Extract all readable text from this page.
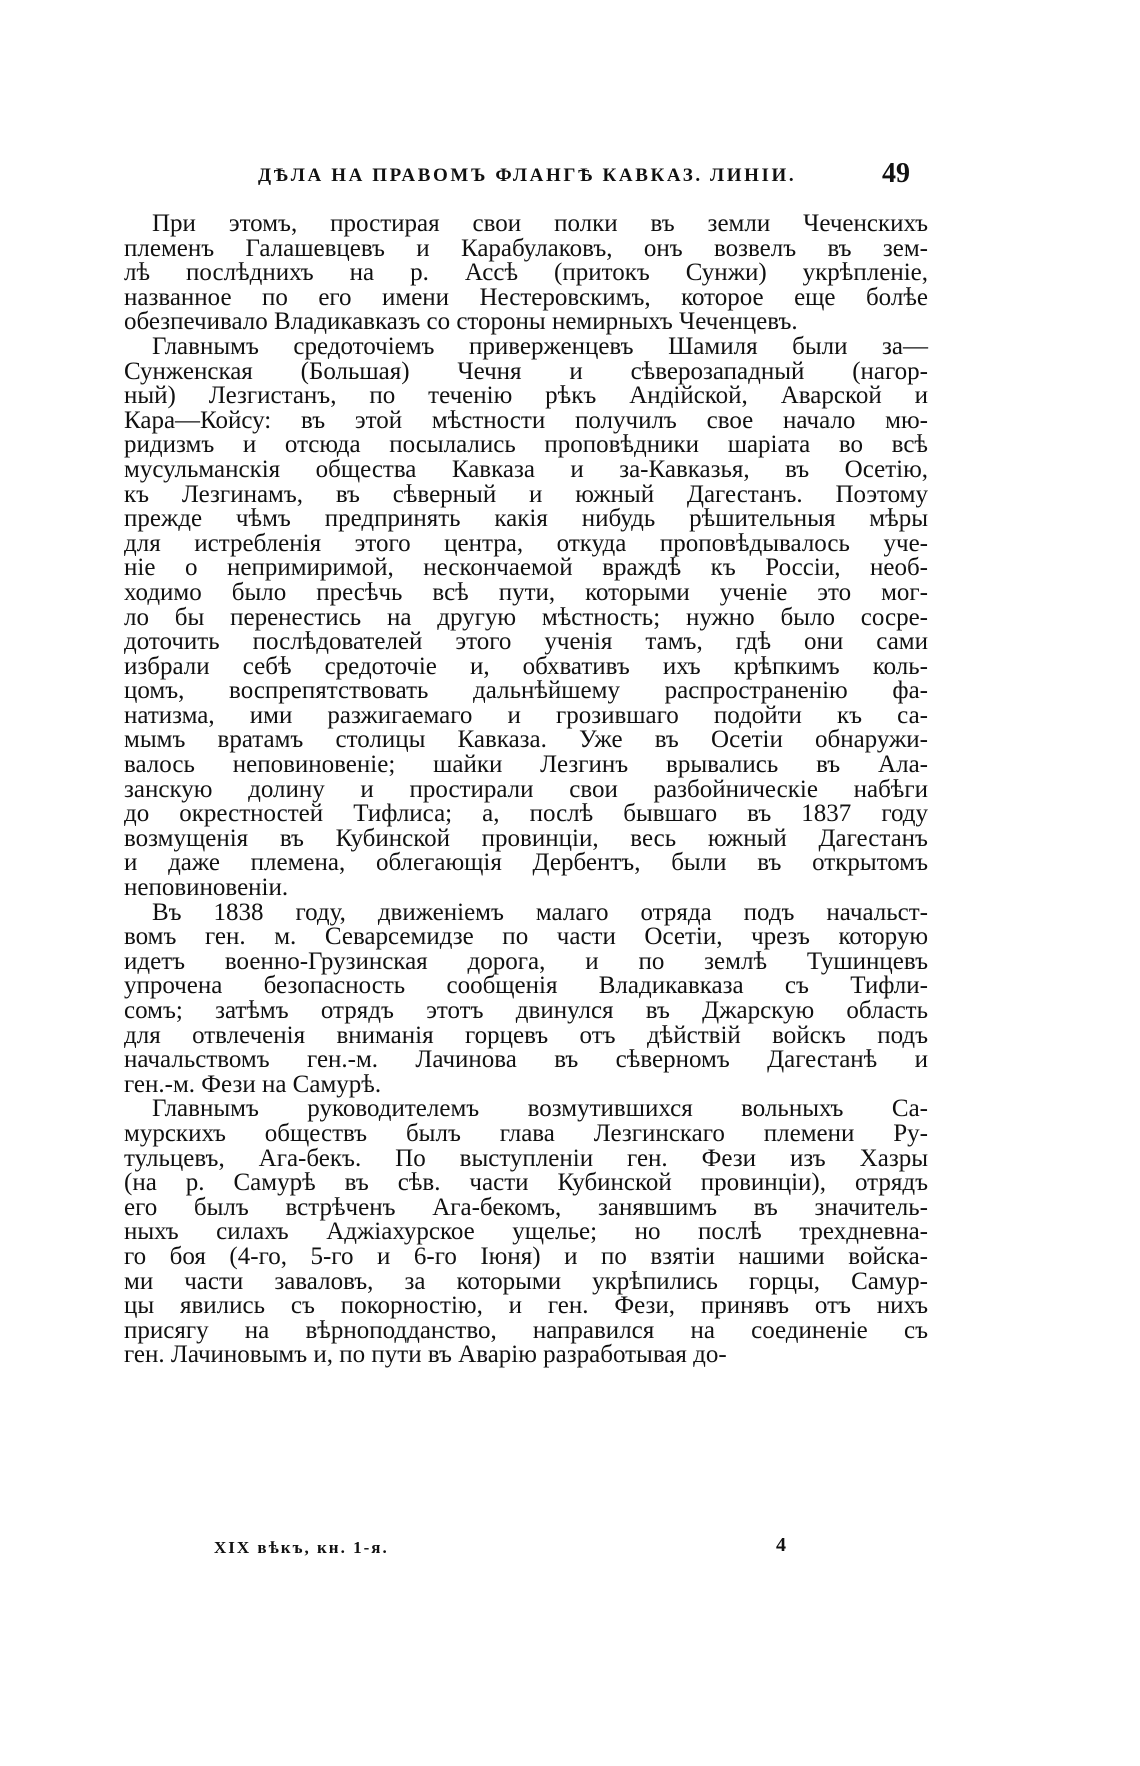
ДѢЛА НА ПРАВОМЪ ФЛАНГѢ КАВКАЗ. ЛИНIИ.	49
При этомъ, простирая свои полки въ земли Чеченскихъ
племенъ Галашевцевъ и Карабулаковъ, онъ возвелъ въ зем-
лѣ послѣднихъ на р. Ассѣ (притокъ Сунжи) укрѣпленiе,
названное по его имени Нестеровскимъ, которое еще болѣе
обезпечивало Владикавказъ со стороны немирныхъ Чеченцевъ.
Главнымъ средоточiемъ приверженцевъ Шамиля были за—
Сунженская (Большая) Чечня и сѣверозападный (нагор-
ный) Лезгистанъ, по теченiю рѣкъ Андiйской, Аварской и
Кара—Койсу: въ этой мѣстности получилъ свое начало мю-
ридизмъ и отсюда посылались проповѣдники шарiата во всѣ
мусульманскiя общества Кавказа и за-Кавказья, въ Осетiю,
къ Лезгинамъ, въ сѣверный и южный Дагестанъ. Поэтому
прежде чѣмъ предпринять какiя нибудь рѣшительныя мѣры
для истребленiя этого центра, откуда проповѣдывалось уче-
нiе о непримиримой, нескончаемой враждѣ къ Россiи, необ-
ходимо было пресѣчь всѣ пути, которыми ученiе это мог-
ло бы перенестись на другую мѣстность; нужно было сосре-
доточить послѣдователей этого ученiя тамъ, гдѣ они сами
избрали себѣ средоточiе и, обхвативъ ихъ крѣпкимъ коль-
цомъ, воспрепятствовать дальнѣйшему распространенiю фа-
натизма, ими разжигаемаго и грозившаго подойти къ са-
мымъ вратамъ столицы Кавказа. Уже въ Осетiи обнаружи-
валось неповиновенiе; шайки Лезгинъ врывались въ Ала-
занскую долину и простирали свои разбойническiе набѣги
до окрестностей Тифлиса; а, послѣ бывшаго въ 1837 году
возмущенiя въ Кубинской провинцiи, весь южный Дагестанъ
и даже племена, облегающiя Дербентъ, были въ открытомъ
неповиновенiи.
Въ 1838 году, движенiемъ малаго отряда подъ начальст-
вомъ ген. м. Севарсемидзе по части Осетiи, чрезъ которую
идетъ военно-Грузинская дорога, и по землѣ Тушинцевъ
упрочена безопасность сообщенiя Владикавказа съ Тифли-
сомъ; затѣмъ отрядъ этотъ двинулся въ Джарскую область
для отвлеченiя вниманiя горцевъ отъ дѣйствiй войскъ подъ
начальствомъ ген.-м. Лачинова въ сѣверномъ Дагестанѣ и
ген.-м. Фези на Самурѣ.
Главнымъ руководителемъ возмутившихся вольныхъ Са-
мурскихъ обществъ былъ глава Лезгинскаго племени Ру-
тульцевъ, Ага-бекъ. По выступленiи ген. Фези изъ Хазры
(на р. Самурѣ въ сѣв. части Кубинской провинцiи), отрядъ
его былъ встрѣченъ Ага-бекомъ, занявшимъ въ значитель-
ныхъ силахъ Аджiахурское ущелье; но послѣ трехдневна-
го боя (4-го, 5-го и 6-го Iюня) и по взятiи нашими войска-
ми части заваловъ, за которыми укрѣпились горцы, Самур-
цы явились съ покорностiю, и ген. Фези, принявъ отъ нихъ
присягу на вѣрноподданство, направился на соединенiе съ
ген. Лачиновымъ и, по пути въ Аварiю разработывая до-
XIX вѣкъ, кн. 1-я.	4
